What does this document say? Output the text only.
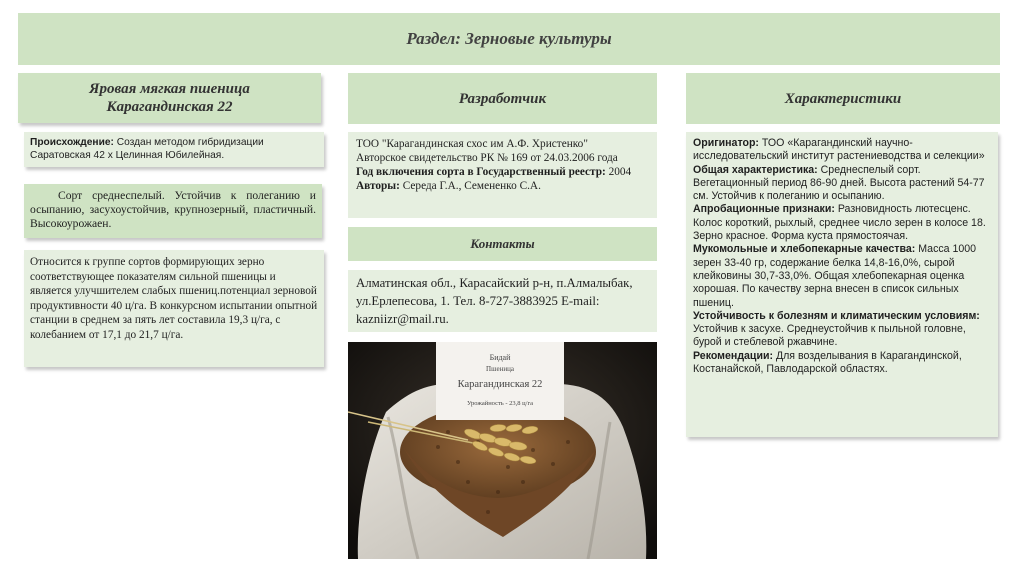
Раздел: Зерновые культуры
Яровая мягкая пшеница
Карагандинская 22
Разработчик	Характеристики
Происхождение: Создан методом гибридизации Саратовская 42 х Целинная Юбилейная.
Сорт среднеспелый. Устойчив к полеганию и осыпанию, засухоустойчив, крупнозерный, пластичный. Высокоурожаен.
Относится к группе сортов формирующих зерно соответствующее показателям сильной пшеницы и является улучшителем слабых пшениц.потенциал зерновой продуктивности 40 ц/га. В конкурсном испытании опытной станции в среднем за пять лет составила 19,3 ц/га, с колебанием от 17,1 до 21,7 ц/га.
ТОО "Карагандинская схос им А.Ф. Христенко"
Авторское свидетельство РК № 169 от 24.03.2006 года
Год включения сорта в Государственный реестр: 2004
Авторы: Середа Г.А., Семененко С.А.
Контакты
Алматинская обл., Карасайский р-н, п.Алмалыбак, ул.Ерлепесова, 1. Тел. 8-727-3883925 E-mail: kazniizr@mail.ru.
Бидай
Пшеница
Карагандинская 22
Урожайность - 23,8 ц/га

Оригинатор: ТОО «Карагандинский научно-исследовательский институт растениеводства и селекции»

Общая характеристика: Среднеспелый сорт. Вегетационный период 86-90 дней. Высота растений 54-77 см. Устойчив к полеганию и осыпанию.

Апробационные признаки: Разновидность лютесценс. Колос короткий, рыхлый, среднее число зерен в колосе 18. Зерно красное. Форма куста прямостоячая.

Мукомольные и хлебопекарные качества: Масса 1000 зерен 33-40 гр, содержание белка 14,8-16,0%, сырой клейковины 30,7-33,0%. Общая хлебопекарная оценка хорошая. По качеству зерна внесен в список сильных пшениц.

Устойчивость к болезням и климатическим условиям: Устойчив к засухе. Среднеустойчив к пыльной головне, бурой и стеблевой ржавчине.

Рекомендации: Для возделывания в Карагандинской, Костанайской, Павлодарской областях.
